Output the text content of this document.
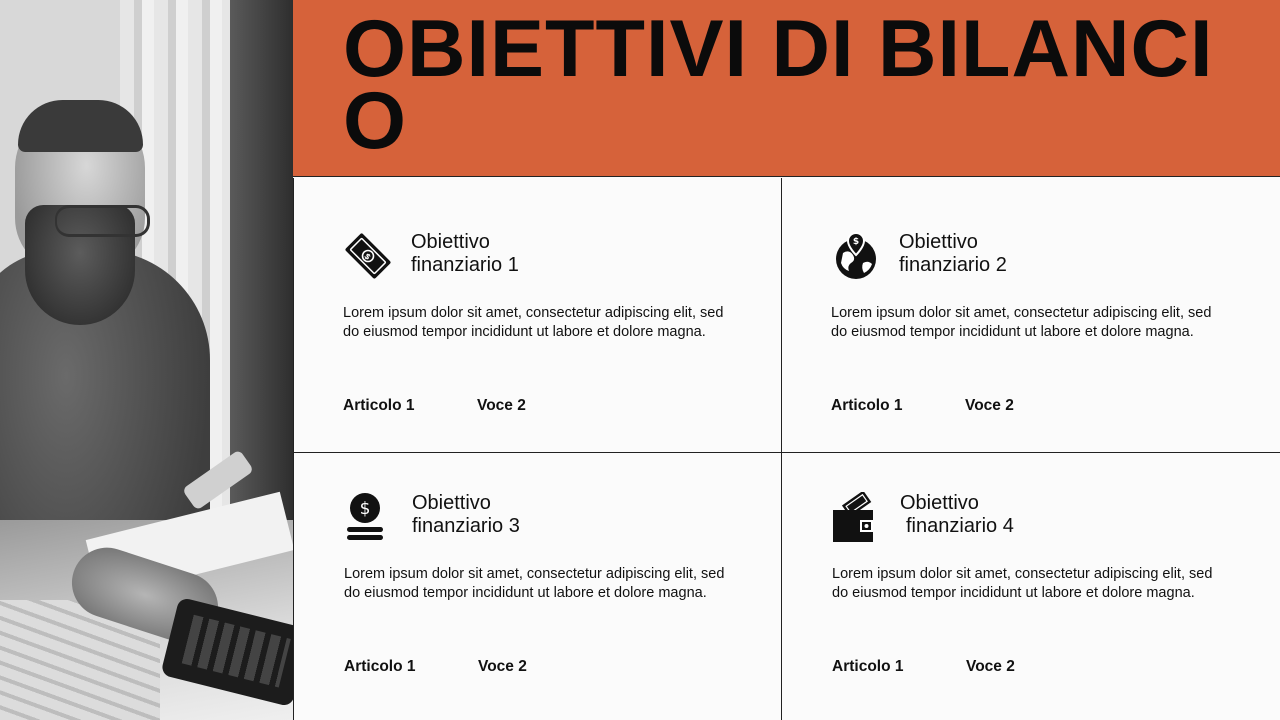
OBIETTIVI DI BILANCIO
$
Obiettivo
finanziario 1
Lorem ipsum dolor sit amet, consectetur adipiscing elit, sed do eiusmod tempor incididunt ut labore et dolore magna.
Articolo 1	Voce 2
$ Obiettivo
finanziario 2
Lorem ipsum dolor sit amet, consectetur adipiscing elit, sed do eiusmod tempor incididunt ut labore et dolore magna.
Articolo 1	Voce 2
$ Obiettivo
finanziario 3
Lorem ipsum dolor sit amet, consectetur adipiscing elit, sed do eiusmod tempor incididunt ut labore et dolore magna.
Articolo 1	Voce 2
Obiettivo
finanziario 4
Lorem ipsum dolor sit amet, consectetur adipiscing elit, sed do eiusmod tempor incididunt ut labore et dolore magna.
Articolo 1	Voce 2
